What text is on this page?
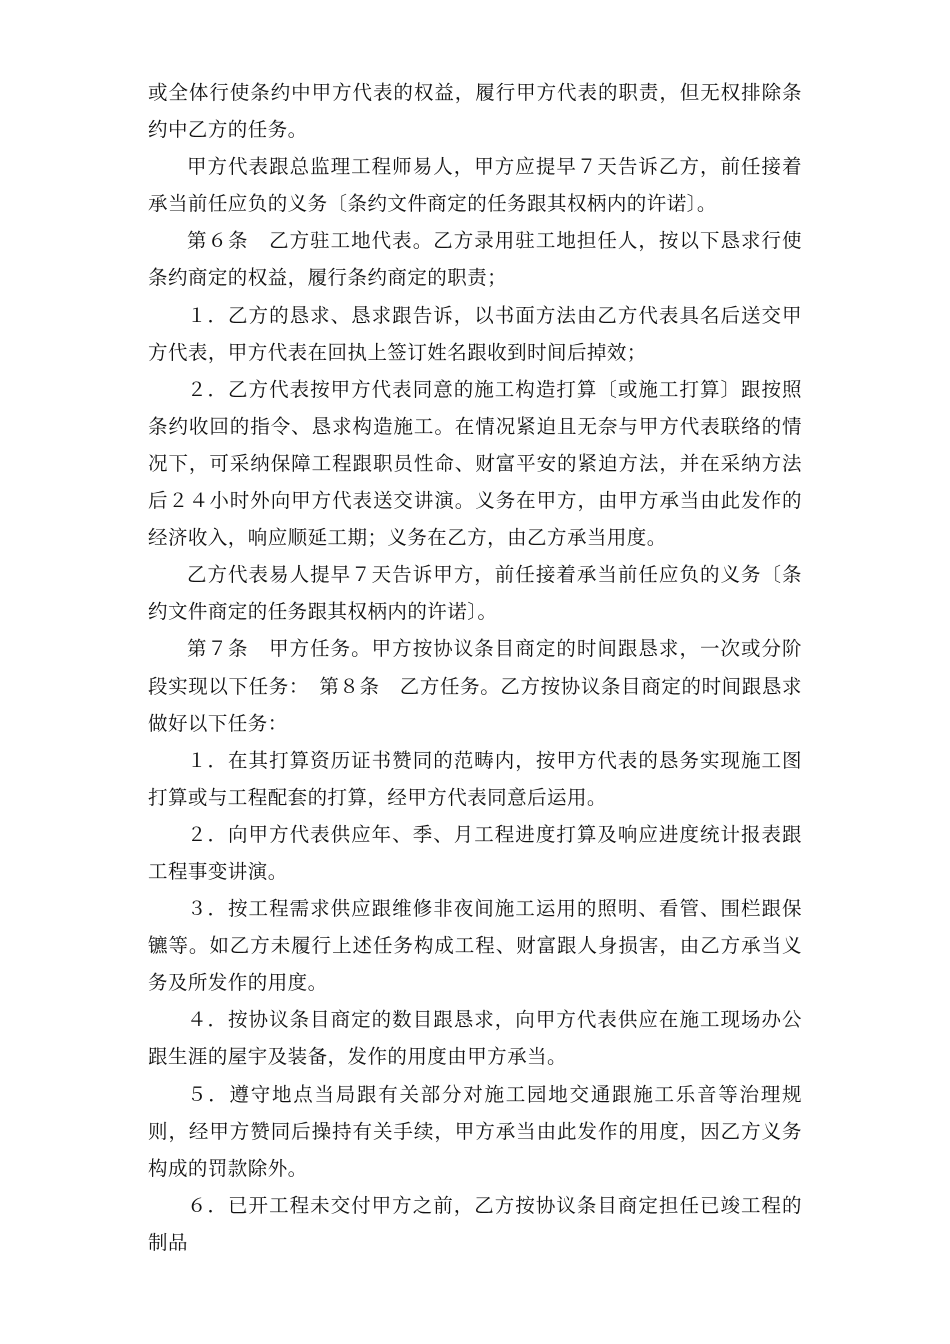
或全体行使条约中甲方代表的权益，履行甲方代表的职责，但无权排除条约中乙方的任务。

甲方代表跟总监理工程师易人，甲方应提早７天告诉乙方，前任接着承当前任应负的义务〔条约文件商定的任务跟其权柄内的许诺〕。

第６条　乙方驻工地代表。乙方录用驻工地担任人，按以下恳求行使条约商定的权益，履行条约商定的职责；

１．乙方的恳求、恳求跟告诉，以书面方法由乙方代表具名后送交甲方代表，甲方代表在回执上签订姓名跟收到时间后掉效；

２．乙方代表按甲方代表同意的施工构造打算〔或施工打算〕跟按照条约收回的指令、恳求构造施工。在情况紧迫且无奈与甲方代表联络的情况下，可采纳保障工程跟职员性命、财富平安的紧迫方法，并在采纳方法后２４小时外向甲方代表送交讲演。义务在甲方，由甲方承当由此发作的经济收入，响应顺延工期；义务在乙方，由乙方承当用度。

乙方代表易人提早７天告诉甲方，前任接着承当前任应负的义务〔条约文件商定的任务跟其权柄内的许诺〕。

第７条　甲方任务。甲方按协议条目商定的时间跟恳求，一次或分阶段实现以下任务：　第８条　乙方任务。乙方按协议条目商定的时间跟恳求做好以下任务：

１．在其打算资历证书赞同的范畴内，按甲方代表的恳务实现施工图打算或与工程配套的打算，经甲方代表同意后运用。

２．向甲方代表供应年、季、月工程进度打算及响应进度统计报表跟工程事变讲演。

３．按工程需求供应跟维修非夜间施工运用的照明、看管、围栏跟保镳等。如乙方未履行上述任务构成工程、财富跟人身损害，由乙方承当义务及所发作的用度。

４．按协议条目商定的数目跟恳求，向甲方代表供应在施工现场办公跟生涯的屋宇及装备，发作的用度由甲方承当。

５．遵守地点当局跟有关部分对施工园地交通跟施工乐音等治理规则，经甲方赞同后操持有关手续，甲方承当由此发作的用度，因乙方义务构成的罚款除外。

６．已开工程未交付甲方之前，乙方按协议条目商定担任已竣工程的制品
